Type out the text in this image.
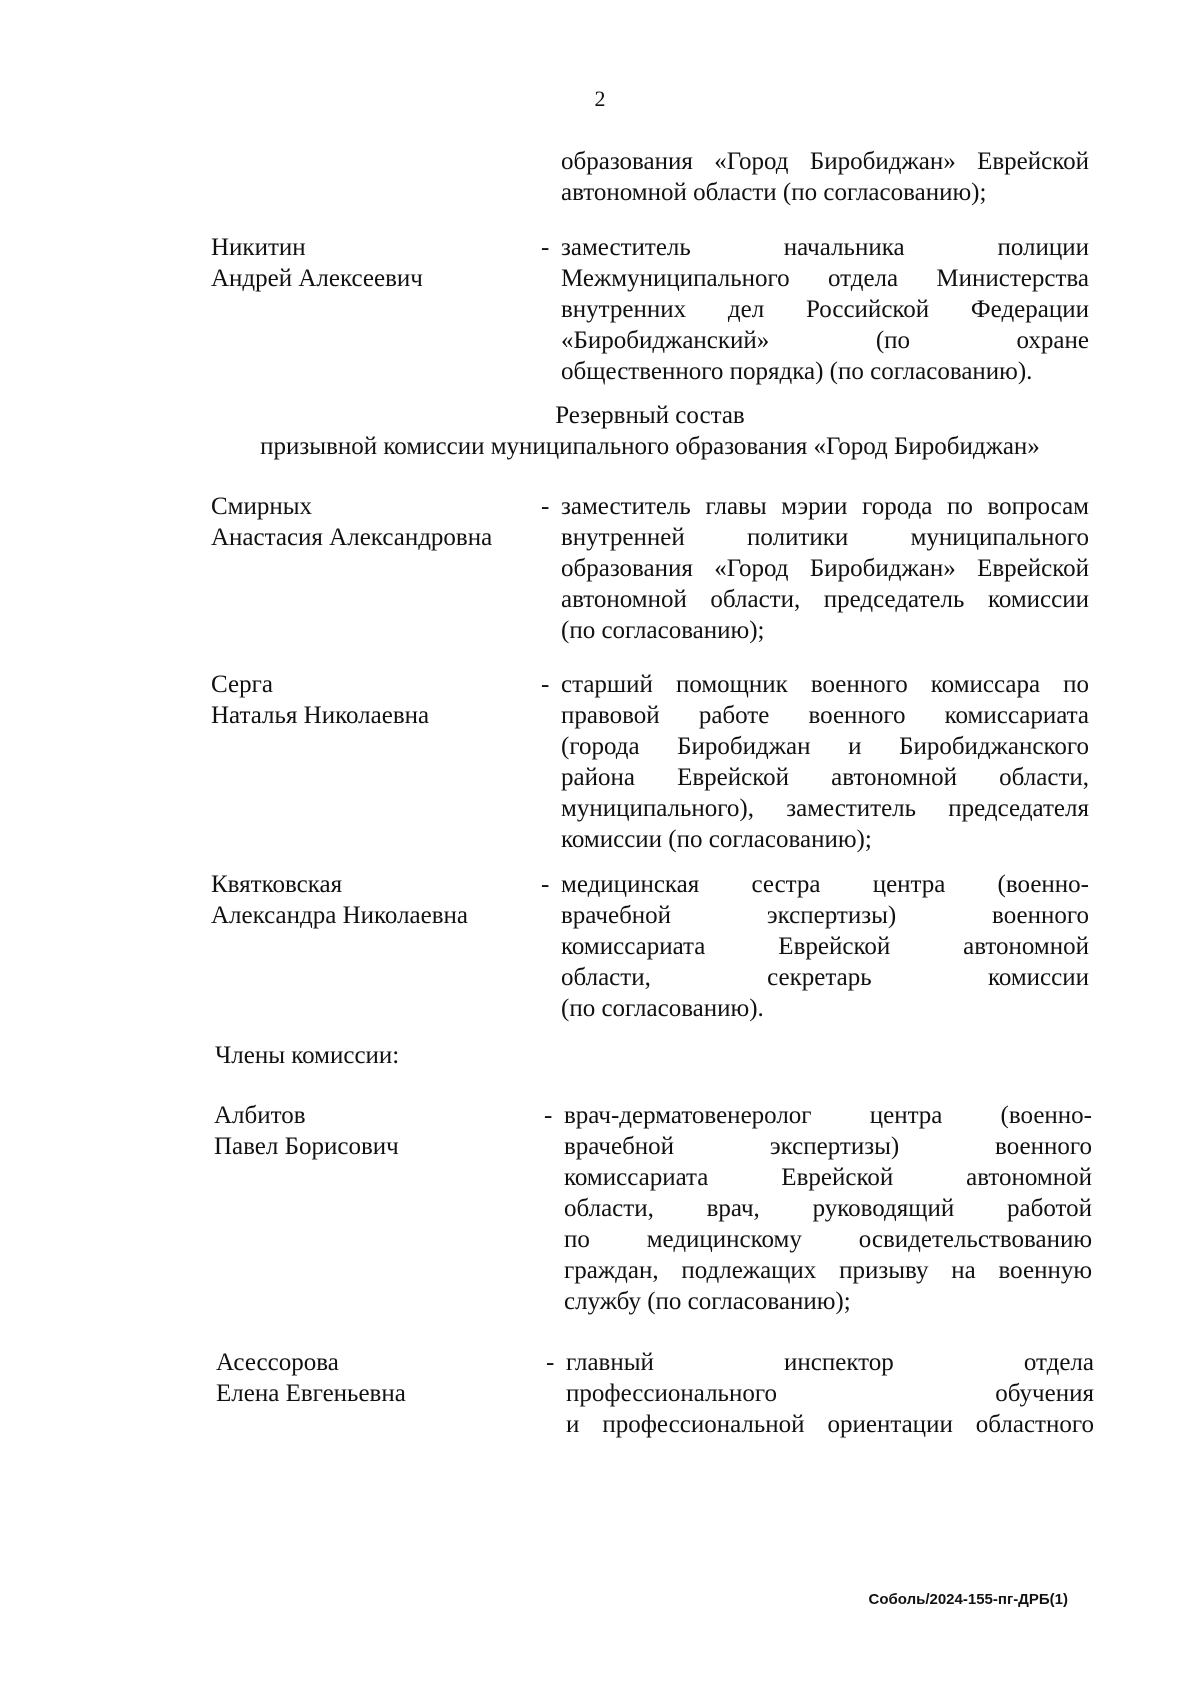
2
образования «Город Биробиджан» Еврейской
автономной области (по согласованию);
Никитин
Андрей Алексеевич
- заместитель начальника полиции
Межмуниципального отдела Министерства
внутренних дел Российской Федерации
«Биробиджанский» (по охране
общественного порядка) (по согласованию).
Резервный состав
призывной комиссии муниципального образования «Город Биробиджан»
Смирных
Анастасия Александровна
- заместитель главы мэрии города по вопросам
внутренней политики муниципального
образования «Город Биробиджан» Еврейской
автономной области, председатель комиссии
(по согласованию);
Серга
Наталья Николаевна
- старший помощник военного комиссара по
правовой работе военного комиссариата
(города Биробиджан и Биробиджанского
района Еврейской автономной области,
муниципального), заместитель председателя
комиссии (по согласованию);
Квятковская
Александра Николаевна
- медицинская сестра центра (военно-
врачебной экспертизы) военного
комиссариата Еврейской автономной
области, секретарь комиссии
(по согласованию).
Члены комиссии:
Албитов
Павел Борисович
- врач-дерматовенеролог центра (военно-
врачебной экспертизы) военного
комиссариата Еврейской автономной
области, врач, руководящий работой
по медицинскому освидетельствованию
граждан, подлежащих призыву на военную
службу (по согласованию);
Асессорова
Елена Евгеньевна
- главный инспектор отдела
профессионального обучения
и профессиональной ориентации областного
Соболь/2024-155-пг-ДРБ(1)
